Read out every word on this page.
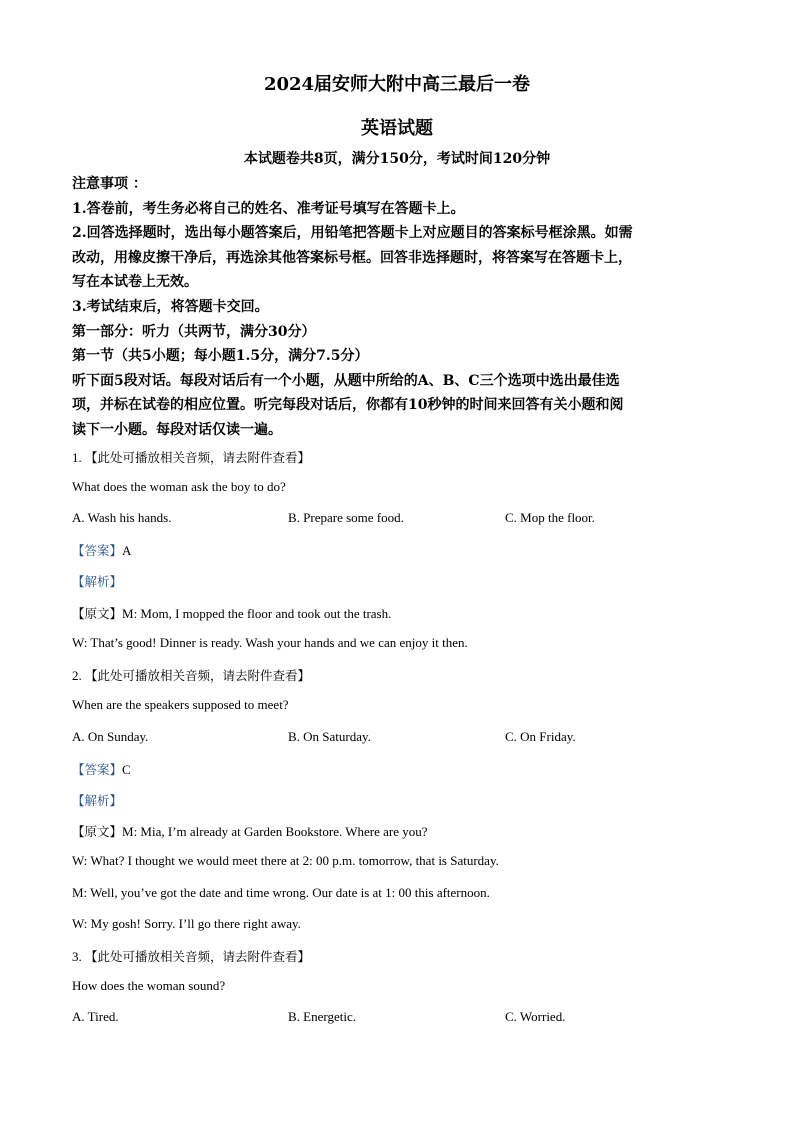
2024届安师大附中高三最后一卷
英语试题
本试题卷共8页，满分150分，考试时间120分钟

注意事项 ：

1.答卷前，考生务必将自己的姓名、准考证号填写在答题卡上。

2.回答选择题时，选出每小题答案后，用铅笔把答题卡上对应题目的答案标号框涂黑。如需

改动，用橡皮擦干净后，再选涂其他答案标号框。回答非选择题时，将答案写在答题卡上，

写在本试卷上无效。

3.考试结束后，将答题卡交回。

第一部分：听力（共两节，满分30分）

第一节（共5小题；每小题1.5分，满分7.5分）

听下面5段对话。每段对话后有一个小题，从题中所给的A、B、C三个选项中选出最佳选

项，并标在试卷的相应位置。听完每段对话后，你都有10秒钟的时间来回答有关小题和阅

读下一小题。每段对话仅读一遍。

1. 【此处可播放相关音频，请去附件查看】
What does the woman ask the boy to do?
A. Wash his hands.	B. Prepare some food.	C. Mop the floor.
【答案】A
【解析】
【原文】M: Mom, I mopped the floor and took out the trash.
W: That’s good! Dinner is ready. Wash your hands and we can enjoy it then.
2. 【此处可播放相关音频，请去附件查看】
When are the speakers supposed to meet?
A. On Sunday.	B. On Saturday.	C. On Friday.
【答案】C
【解析】
【原文】M: Mia, I’m already at Garden Bookstore. Where are you?
W: What? I thought we would meet there at 2: 00 p.m. tomorrow, that is Saturday.
M: Well, you’ve got the date and time wrong. Our date is at 1: 00 this afternoon.
W: My gosh! Sorry. I’ll go there right away.
3. 【此处可播放相关音频，请去附件查看】
How does the woman sound?
A. Tired.	B. Energetic.	C. Worried.
